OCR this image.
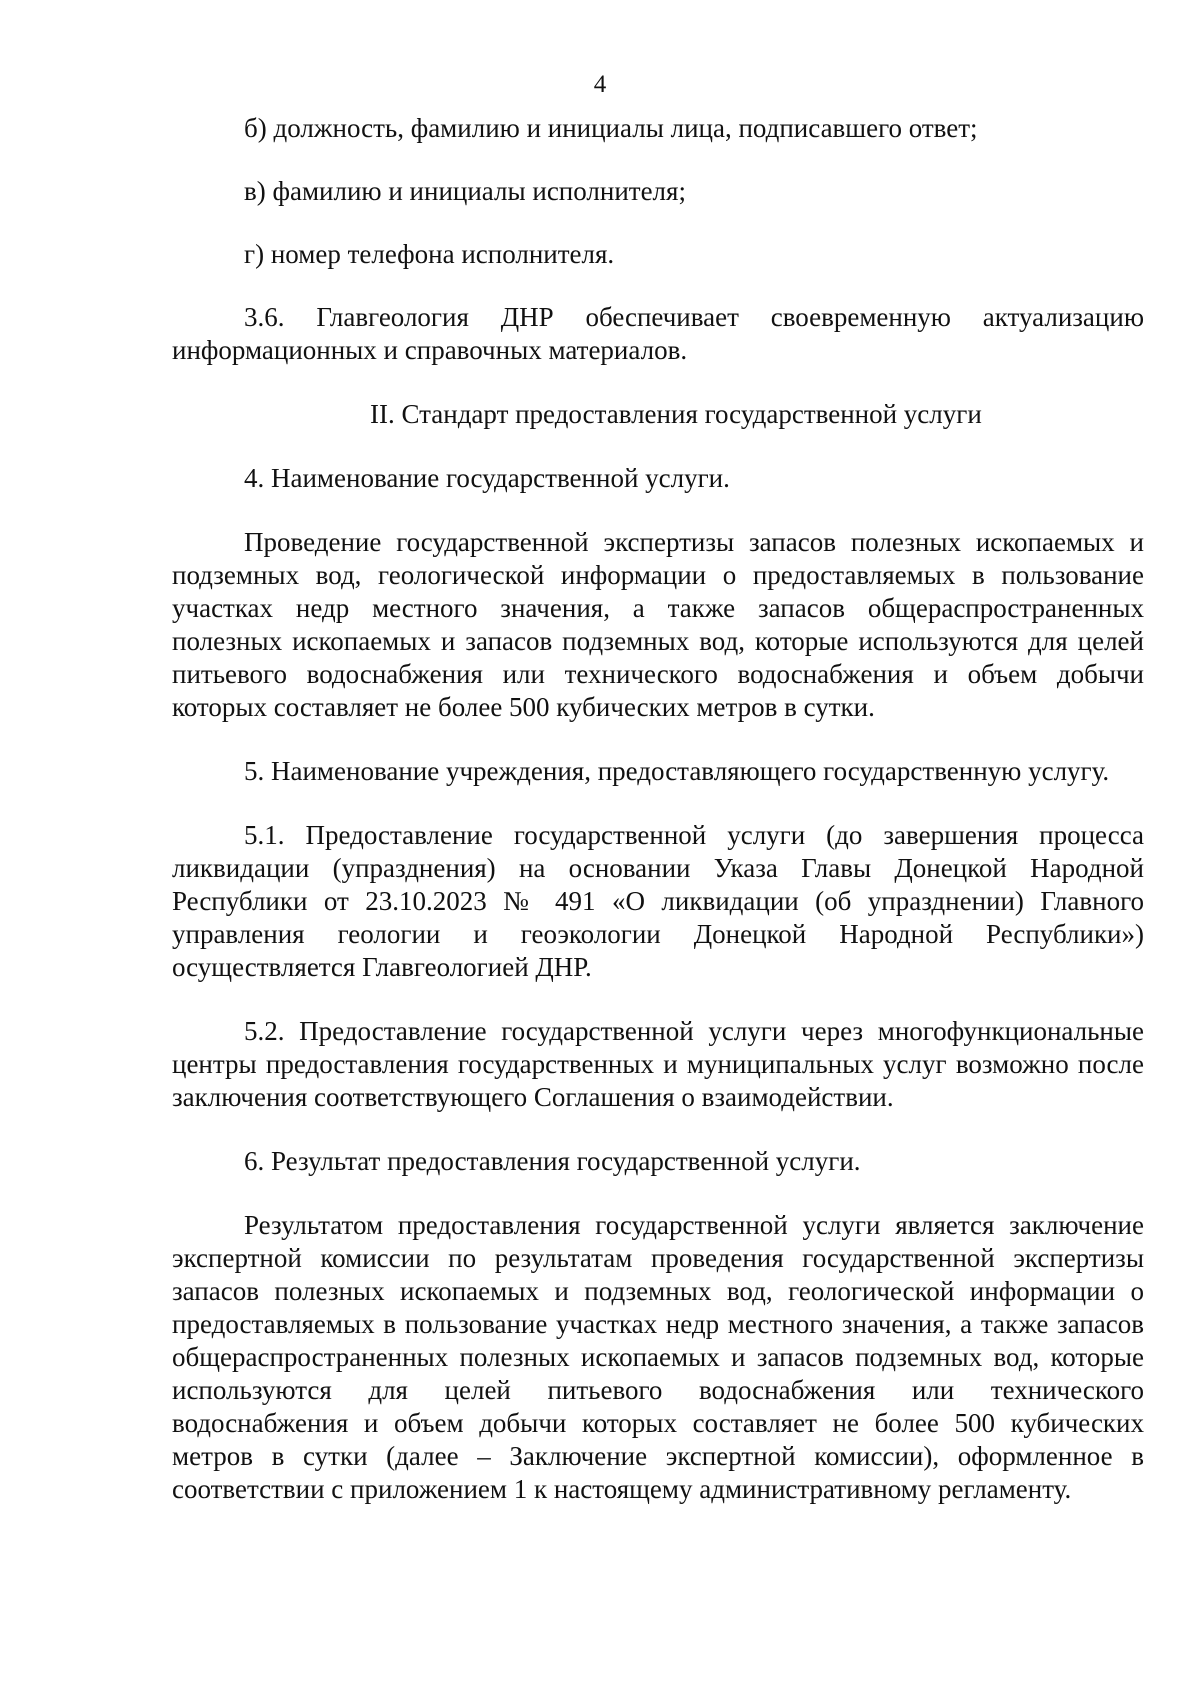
4

б) должность, фамилию и инициалы лица, подписавшего ответ;

в) фамилию и инициалы исполнителя;

г) номер телефона исполнителя.

3.6. Главгеология ДНР обеспечивает своевременную актуализацию информационных и справочных материалов.

II. Стандарт предоставления государственной услуги

4. Наименование государственной услуги.

Проведение государственной экспертизы запасов полезных ископаемых и подземных вод, геологической информации о предоставляемых в пользование участках недр местного значения, а также запасов общераспространенных полезных ископаемых и запасов подземных вод, которые используются для целей питьевого водоснабжения или технического водоснабжения и объем добычи которых составляет не более 500 кубических метров в сутки.

5. Наименование учреждения, предоставляющего государственную услугу.

5.1. Предоставление государственной услуги (до завершения процесса ликвидации (упразднения) на основании Указа Главы Донецкой Народной Республики от 23.10.2023 № 491 «О ликвидации (об упразднении) Главного управления геологии и геоэкологии Донецкой Народной Республики») осуществляется Главгеологией ДНР.

5.2. Предоставление государственной услуги через многофункциональные центры предоставления государственных и муниципальных услуг возможно после заключения соответствующего Соглашения о взаимодействии.

6. Результат предоставления государственной услуги.

Результатом предоставления государственной услуги является заключение экспертной комиссии по результатам проведения государственной экспертизы запасов полезных ископаемых и подземных вод, геологической информации о предоставляемых в пользование участках недр местного значения, а также запасов общераспространенных полезных ископаемых и запасов подземных вод, которые используются для целей питьевого водоснабжения или технического водоснабжения и объем добычи которых составляет не более 500 кубических метров в сутки (далее – Заключение экспертной комиссии), оформленное в соответствии с приложением 1 к настоящему административному регламенту.
